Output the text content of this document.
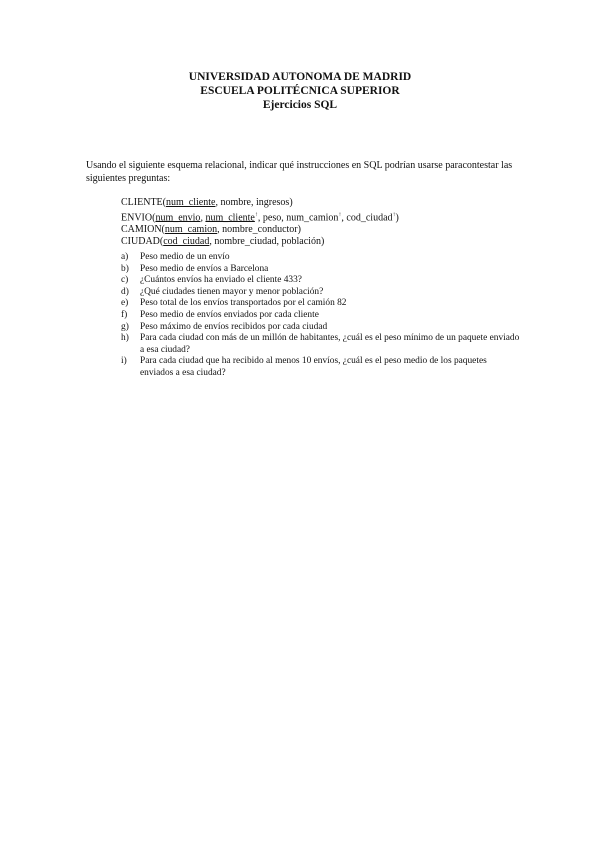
UNIVERSIDAD AUTONOMA DE MADRID
ESCUELA POLITÉCNICA SUPERIOR
Ejercicios SQL
Usando el siguiente esquema relacional, indicar qué instrucciones en SQL podrían usarse paracontestar las siguientes preguntas:
CLIENTE(num_cliente, nombre, ingresos)
ENVIO(num_envio, num_cliente↑, peso, num_camion↑, cod_ciudad↑)
CAMION(num_camion, nombre_conductor)
CIUDAD(cod_ciudad, nombre_ciudad, población)
a)	Peso medio de un envío
b)	Peso medio de envíos a Barcelona
c)	¿Cuántos envíos ha enviado el cliente 433?
d)	¿Qué ciudades tienen mayor y menor población?
e)	Peso total de los envíos transportados por el camión 82
f)	Peso medio de envíos enviados por cada cliente
g)	Peso máximo de envíos recibidos por cada ciudad
h)	Para cada ciudad con más de un millón de habitantes, ¿cuál es el peso mínimo de un paquete enviado a esa ciudad?
i)	Para cada ciudad que ha recibido al menos 10 envíos, ¿cuál es el peso medio de los paquetes enviados a esa ciudad?
